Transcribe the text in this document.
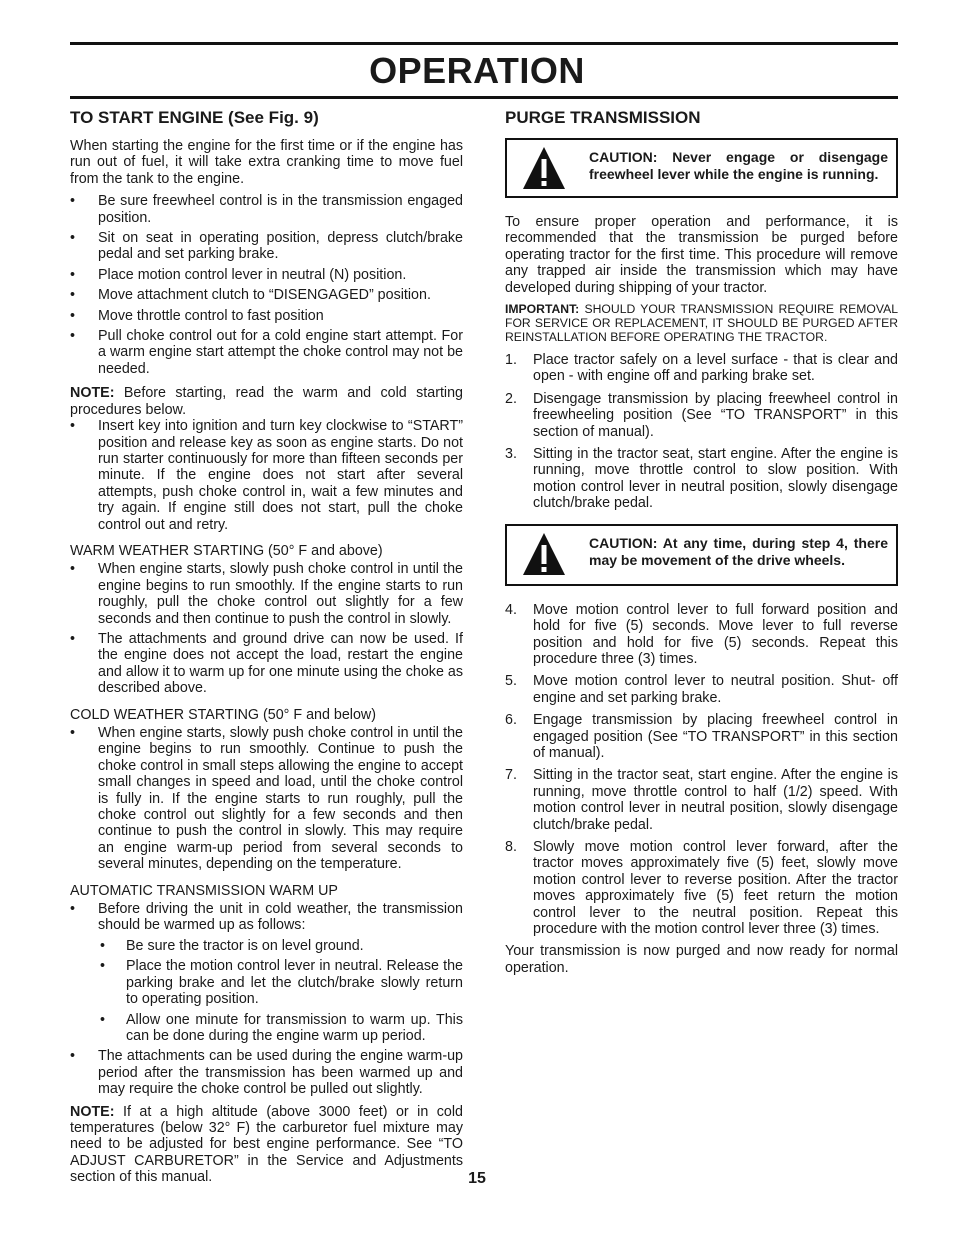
OPERATION
TO START ENGINE (See Fig. 9)

When starting the engine for the first time or if the engine has run out of fuel, it will take extra cranking time to move fuel from the tank to the engine.

• Be sure freewheel control is in the transmission engaged position.
• Sit on seat in operating position, depress clutch/brake pedal and set parking brake.
• Place motion control lever in neutral (N) position.
• Move attachment clutch to “DISENGAGED” position.
• Move throttle control to fast position
• Pull choke control out for a cold engine start attempt. For a warm engine start attempt the choke control may not be needed.

NOTE: Before starting, read the warm and cold starting procedures below.

• Insert key into ignition and turn key clockwise to “START” position and release key as soon as engine starts. Do not run starter continuously for more than fifteen seconds per minute. If the engine does not start after several attempts, push choke control in, wait a few minutes and try again. If engine still does not start, pull the choke control out and retry.
WARM WEATHER STARTING (50° F and above)
• When engine starts, slowly push choke control in until the engine begins to run smoothly. If the engine starts to run roughly, pull the choke control out slightly for a few seconds and then continue to push the control in slowly.
• The attachments and ground drive can now be used. If the engine does not accept the load, restart the engine and allow it to warm up for one minute using the choke as described above.
COLD WEATHER STARTING (50° F and below)
• When engine starts, slowly push choke control in until the engine begins to run smoothly. Continue to push the choke control in small steps allowing the engine to accept small changes in speed and load, until the choke control is fully in. If the engine starts to run roughly, pull the choke control out slightly for a few seconds and then continue to push the control in slowly. This may require an engine warm-up period from several seconds to several minutes, depending on the temperature.
AUTOMATIC TRANSMISSION WARM UP
• Before driving the unit in cold weather, the transmission should be warmed up as follows:
• Be sure the tractor is on level ground.
• Place the motion control lever in neutral. Release the parking brake and let the clutch/brake slowly return to operating position.
• Allow one minute for transmission to warm up. This can be done during the engine warm up period.
• The attachments can be used during the engine warm-up period after the transmission has been warmed up and may require the choke control be pulled out slightly.

NOTE: If at a high altitude (above 3000 feet) or in cold temperatures (below 32° F) the carburetor fuel mixture may need to be adjusted for best engine performance. See “TO ADJUST CARBURETOR” in the Service and Adjustments section of this manual.

PURGE TRANSMISSION
CAUTION: Never engage or disengage freewheel lever while the engine is running.

To ensure proper operation and performance, it is recommended that the transmission be purged before operating tractor for the first time. This procedure will remove any trapped air inside the transmission which may have developed during shipping of your tractor.

IMPORTANT: SHOULD YOUR TRANSMISSION REQUIRE REMOVAL FOR SERVICE OR REPLACEMENT, IT SHOULD BE PURGED AFTER REINSTALLATION BEFORE OPERATING THE TRACTOR.

1. Place tractor safely on a level surface - that is clear and open - with engine off and parking brake set.
2. Disengage transmission by placing freewheel control in freewheeling position (See “TO TRANSPORT” in this section of manual).
3. Sitting in the tractor seat, start engine. After the engine is running, move throttle control to slow position. With motion control lever in neutral position, slowly disengage clutch/brake pedal.
CAUTION: At any time, during step 4, there may be movement of the drive wheels.
4. Move motion control lever to full forward position and hold for five (5) seconds. Move lever to full reverse position and hold for five (5) seconds. Repeat this procedure three (3) times.
5. Move motion control lever to neutral position. Shut- off engine and set parking brake.
6. Engage transmission by placing freewheel control in engaged position (See “TO TRANSPORT” in this section of manual).
7. Sitting in the tractor seat, start engine. After the engine is running, move throttle control to half (1/2) speed. With motion control lever in neutral position, slowly disengage clutch/brake pedal.
8. Slowly move motion control lever forward, after the tractor moves approximately five (5) feet, slowly move motion control lever to reverse position. After the tractor moves approximately five (5) feet return the motion control lever to the neutral position. Repeat this procedure with the motion control lever three (3) times.

Your transmission is now purged and now ready for normal operation.

15
